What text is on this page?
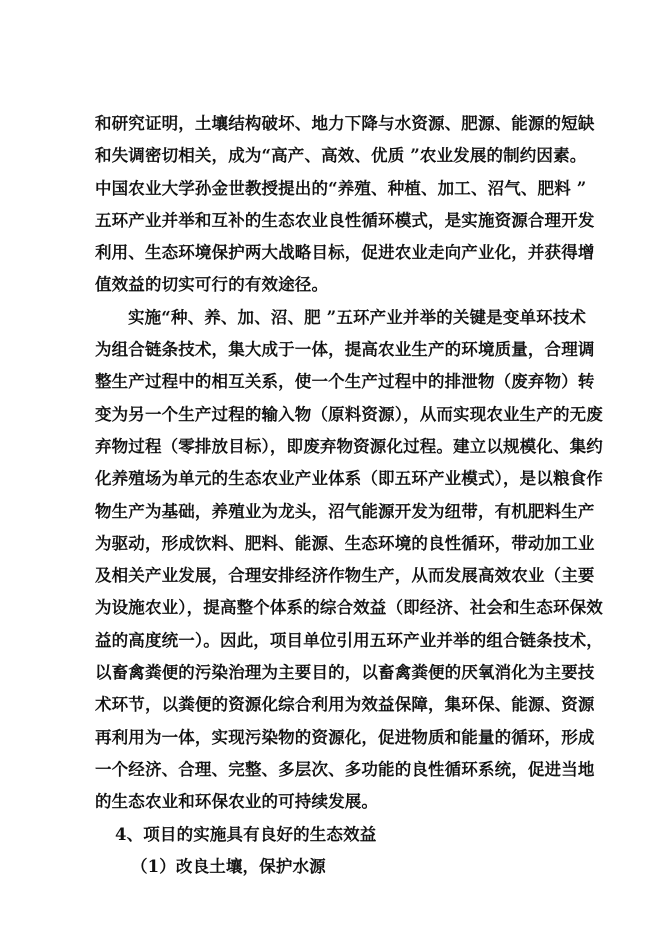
和研究证明，土壤结构破坏、地力下降与水资源、肥源、能源的短缺
和失调密切相关，成为“高产、高效、优质 ”农业发展的制约因素。
中国农业大学孙金世教授提出的“养殖、种植、加工、沼气、肥料 ”
五环产业并举和互补的生态农业良性循环模式，是实施资源合理开发
利用、生态环境保护两大战略目标，促进农业走向产业化，并获得增
值效益的切实可行的有效途径。
实施“种、养、加、沼、肥 ”五环产业并举的关键是变单环技术
为组合链条技术，集大成于一体，提高农业生产的环境质量，合理调
整生产过程中的相互关系，使一个生产过程中的排泄物（废弃物）转
变为另一个生产过程的输入物（原料资源），从而实现农业生产的无废
弃物过程（零排放目标），即废弃物资源化过程。建立以规模化、集约
化养殖场为单元的生态农业产业体系（即五环产业模式），是以粮食作
物生产为基础，养殖业为龙头，沼气能源开发为纽带，有机肥料生产
为驱动，形成饮料、肥料、能源、生态环境的良性循环，带动加工业
及相关产业发展，合理安排经济作物生产，从而发展高效农业（主要
为设施农业），提高整个体系的综合效益（即经济、社会和生态环保效
益的高度统一）。因此，项目单位引用五环产业并举的组合链条技术，
以畜禽粪便的污染治理为主要目的，以畜禽粪便的厌氧消化为主要技
术环节，以粪便的资源化综合利用为效益保障，集环保、能源、资源
再利用为一体，实现污染物的资源化，促进物质和能量的循环，形成
一个经济、合理、完整、多层次、多功能的良性循环系统，促进当地
的生态农业和环保农业的可持续发展。
4、项目的实施具有良好的生态效益
（1）改良土壤，保护水源
